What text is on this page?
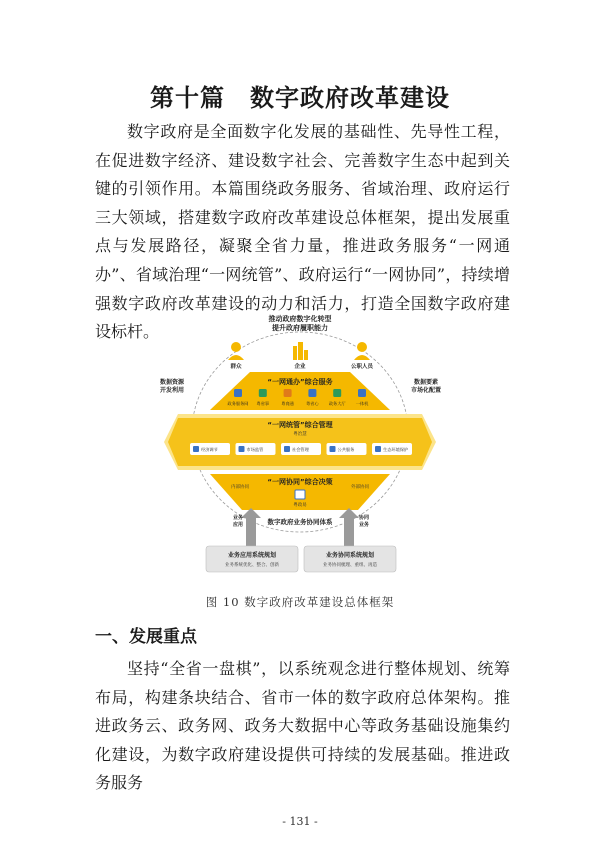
第十篇　数字政府改革建设

数字政府是全面数字化发展的基础性、先导性工程，在促进数字经济、建设数字社会、完善数字生态中起到关键的引领作用。本篇围绕政务服务、省域治理、政府运行三大领域，搭建数字政府改革建设总体框架，提出发展重点与发展路径，凝聚全省力量，推进政务服务“一网通办”、省域治理“一网统管”、政府运行“一网协同”，持续增强数字政府改革建设的动力和活力，打造全国数字政府建设标杆。

推动政府数字化转型
提升政府履职能力
群众	企业	公职人员
数据资源
开发利用
数据要素
市场化配置
“一网通办”综合服务
政务服务网 粤省事	粤商通	粤省心 政务大厅 一体机
“一网统管”综合管理
粤治慧
经济调节	市场监管	社会管理	公共服务	生态环境保护
“一网协同”综合决策
内部协同	外部协同
粤政易
数字政府业务协同体系
业务
应用
协同
业务
业务应用系统规划
业务系统优化、整合、创新
业务协同系统规划
业务协同梳理、重组、再造
图 10 数字政府改革建设总体框架
一、发展重点

坚持“全省一盘棋”，以系统观念进行整体规划、统筹布局，构建条块结合、省市一体的数字政府总体架构。推进政务云、政务网、政务大数据中心等政务基础设施集约化建设，为数字政府建设提供可持续的发展基础。推进政务服务

- 131 -
